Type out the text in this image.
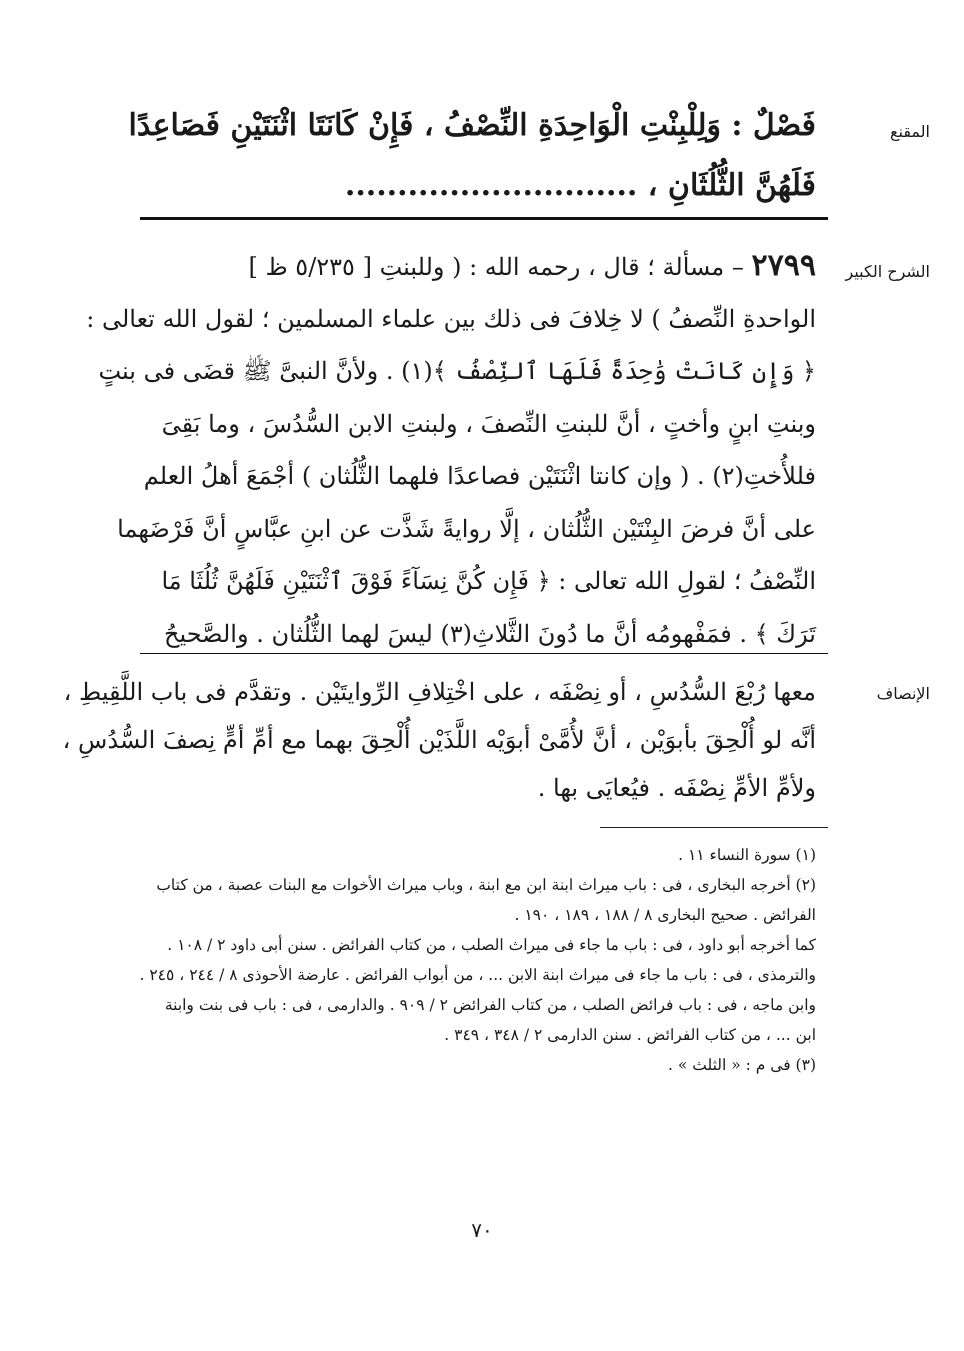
المقنع
فَصْلٌ : وَلِلْبِنْتِ الْوَاحِدَةِ النِّصْفُ ، فَإِنْ كَانَتَا اثْنَتَيْنِ فَصَاعِدًا
فَلَهُنَّ الثُّلُثَانِ ، ............................
الشرح الكبير
٢٧٩٩ – مسألة ؛ قال ، رحمه الله : ( وللبنتِ [ ٥/٢٣٥ ظ ]
الواحدةِ النِّصفُ ) لا خِلافَ فى ذلك بين علماء المسلمين ؛ لقول الله تعالى :
﴿ وَإِن كَانَتْ وَٰحِدَةً فَلَهَا ٱلنِّصْفُ ﴾(١) . ولأنَّ النبىَّ ﷺ قضَى فى بنتٍ
وبنتِ ابنٍ وأختٍ ، أنَّ للبنتِ النِّصفَ ، ولبنتِ الابن السُّدُسَ ، وما بَقِىَ
فللأُختِ(٢) . ( وإن كانتا اثْنَتَيْن فصاعدًا فلهما الثُّلُثان ) أجْمَعَ أهلُ العلم
على أنَّ فرضَ البِنْتَيْن الثُّلُثان ، إلَّا روايةً شَذَّت عن ابنِ عبَّاسٍ أنَّ فَرْضَهما
النِّصْفُ ؛ لقولِ الله تعالى : ﴿ فَإِن كُنَّ نِسَآءً فَوْقَ ٱثْنَتَيْنِ فَلَهُنَّ ثُلُثَا مَا
تَرَكَ ﴾ . فمَفْهومُه أنَّ ما دُونَ الثَّلاثِ(٣) ليسَ لهما الثُّلُثان . والصَّحيحُ
الإنصاف
معها رُبْعَ السُّدُسِ ، أو نِصْفَه ، على اخْتِلافِ الرِّوايتَيْن . وتقدَّم فى باب اللَّقِيطِ ،
أنَّه لو أُلْحِقَ بأبوَيْن ، أنَّ لأُمَّىْ أبوَيْه اللَّذَيْن أُلْحِقَ بهما مع أمِّ أمٍّ نِصفَ السُّدُسِ ،
ولأمِّ الأمِّ نِصْفَه . فيُعايَى بها .
(١) سورة النساء ١١ .
(٢) أخرجه البخارى ، فى : باب ميراث ابنة ابن مع ابنة ، وباب ميراث الأخوات مع البنات عصبة ، من كتاب
الفرائض . صحيح البخارى ٨ / ١٨٨ ، ١٨٩ ، ١٩٠ .
كما أخرجه أبو داود ، فى : باب ما جاء فى ميراث الصلب ، من كتاب الفرائض . سنن أبى داود ٢ / ١٠٨ .
والترمذى ، فى : باب ما جاء فى ميراث ابنة الابن ... ، من أبواب الفرائض . عارضة الأحوذى ٨ / ٢٤٤ ، ٢٤٥ .
وابن ماجه ، فى : باب فرائض الصلب ، من كتاب الفرائض ٢ / ٩٠٩ . والدارمى ، فى : باب فى بنت وابنة
ابن ... ، من كتاب الفرائض . سنن الدارمى ٢ / ٣٤٨ ، ٣٤٩ .
(٣) فى م : « الثلث » .
٧٠
